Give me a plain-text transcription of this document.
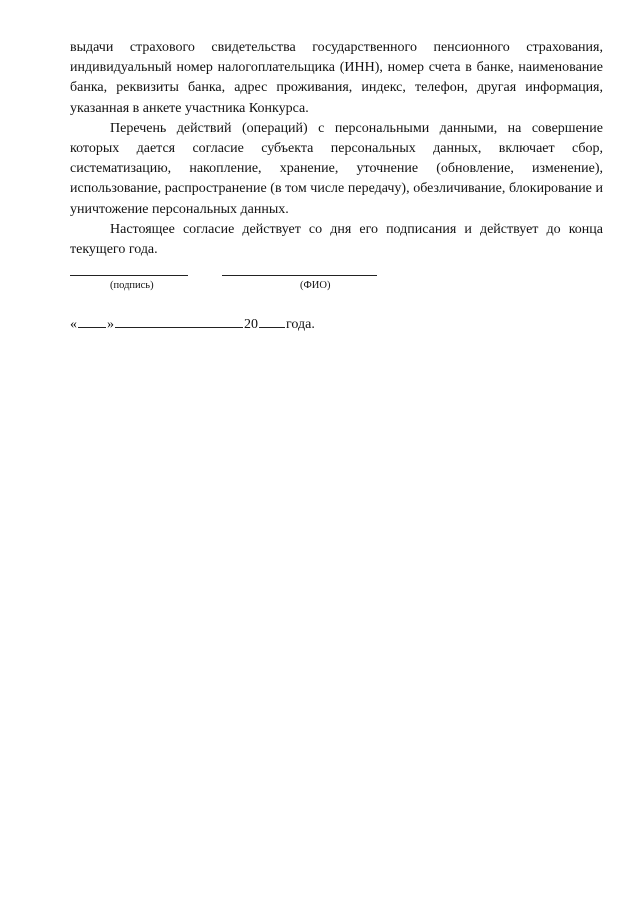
выдачи страхового свидетельства государственного пенсионного страхования, индивидуальный номер налогоплательщика (ИНН), номер счета в банке, наименование банка, реквизиты банка, адрес проживания, индекс, телефон, другая информация, указанная в анкете участника Конкурса.

Перечень действий (операций) с персональными данными, на совершение которых дается согласие субъекта персональных данных, включает сбор, систематизацию, накопление, хранение, уточнение (обновление, изменение), использование, распространение (в том числе передачу), обезличивание, блокирование и уничтожение персональных данных.

Настоящее согласие действует со дня его подписания и действует до конца текущего года.

(подпись)	(ФИО)
« »	20 года.
